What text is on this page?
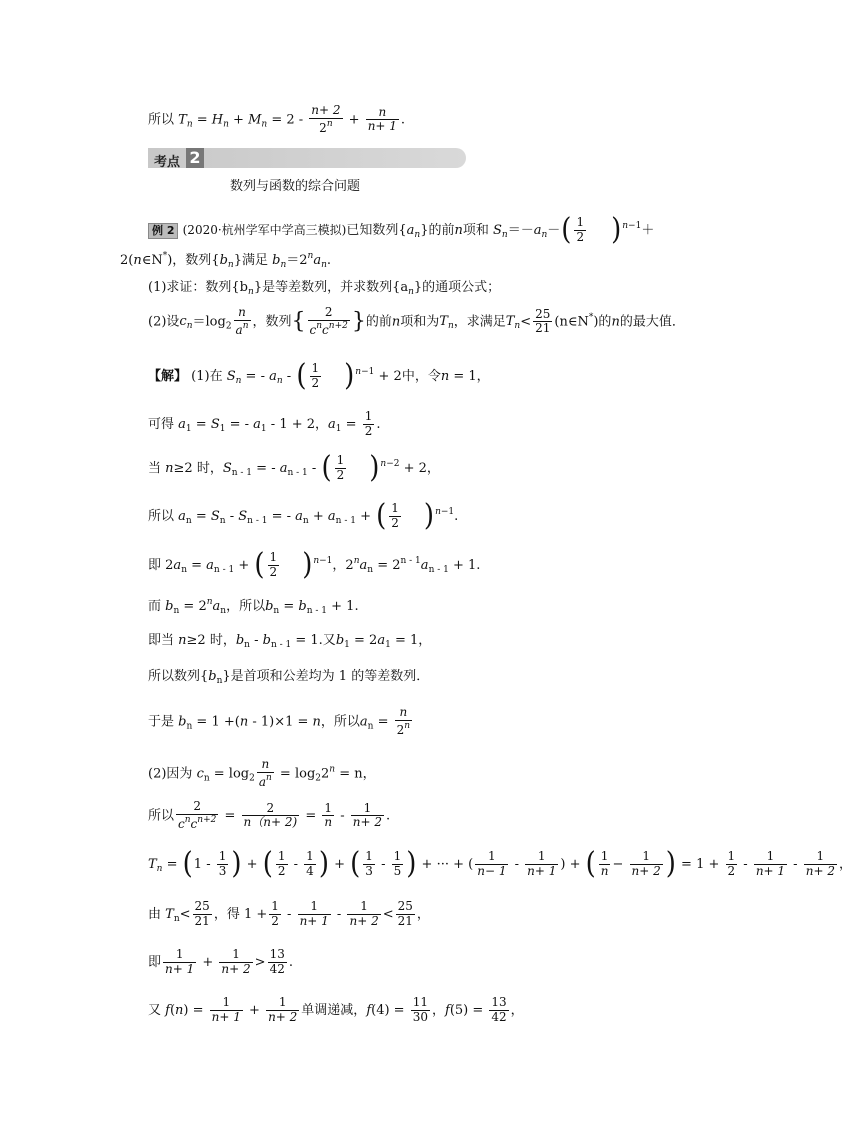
所以 $T_n = H_n + M_n = 2 - \frac{n+ 2}{2^n} + \frac{n}{n+ 1}$ .
考点 2
数列与函数的综合问题
例 2 (2020·杭州学军中学高三模拟)已知数列$\{a_n\}$的前n项和 $S_n=-a_n-( \frac{1}{2} )^{n-1}+$
2(n∈N*)，数列$\{b_n\}$满足 $b_n=2^na_n$.
(1)求证：数列$\{b_n\}$是等差数列，并求数列$\{a_n\}$的通项公式；
(2)设$c_n=\log_2 \frac{n}{a^n}$ ，数列{ $\frac{2}{c^nc^{n+2}}$ }的前n项和为$T_n$，求满足$T_n< \frac{25}{21}$ (n∈N*)的n的最大值．
【解】 (1)在 $S_n$ = - $a_n$ - ( $\frac{1}{2} )^{n-1} + 2$中，令n = 1，
可得 $a_1 = S_1$ = - $a_1 - 1 + 2$，$a_1 = \frac{1}{2}$ .
当 n≥2 时，$S_{n - 1}$ = - $a_{n - 1}$ - ( $\frac{1}{2} )^{n-2} + 2$，
所以 $a_n = S_n - S_{n - 1}$ = - $a_n + a_{n - 1}$ + ( $\frac{1}{2} )^{n-1}$.
即 $2a_n = a_{n - 1}$ + ( $\frac{1}{2} )^{n-1}$，$2^na_n = 2^{n - 1}a_{n - 1} + 1$.
而 $b_n = 2^na_n$，所以$b_n = b_{n - 1} + 1$.
即当 n≥2 时，$b_n - b_{n - 1} = 1$.又$b_1 = 2a_1 = 1$，
所以数列$\{b_n\}$是首项和公差均为 1 的等差数列．
于是 $b_n = 1 +(n - 1)\times 1 = n$，所以$a_n = \frac{n}{2^n}$
(2)因为 $c_n = \log_2 \frac{n}{a^n} = \log_22^n = n$，
所以 $\frac{2}{c^nc^{n+2}} = \frac{2}{n(n+ 2)} = \frac{1}{n} - \frac{1}{n+ 2}$ .
$T_n = (1 - \frac{1}{3}$ ) + ( $\frac{1}{2} - \frac{1}{4}$ ) + ( $\frac{1}{3} - \frac{1}{5}$ ) + ··· + ( $\frac{1}{n- 1} - \frac{1}{n+ 1}$ ) + ( $\frac{1}{n} - \frac{1}{n+ 2}$ ) = $1 + \frac{1}{2} - \frac{1}{n+ 1} - \frac{1}{n+ 2}$ ，
由 $T_n< \frac{25}{21}$ ，得 $1 + \frac{1}{2} - \frac{1}{n+ 1} - \frac{1}{n+ 2} < \frac{25}{21}$ ，
即 $\frac{1}{n+ 1} + \frac{1}{n+ 2} > \frac{13}{42}$ .
又 $f(n) = \frac{1}{n+ 1} + \frac{1}{n+ 2}$ 单调递减，$f(4) = \frac{11}{30}$ ，$f(5) = \frac{13}{42}$ ，
